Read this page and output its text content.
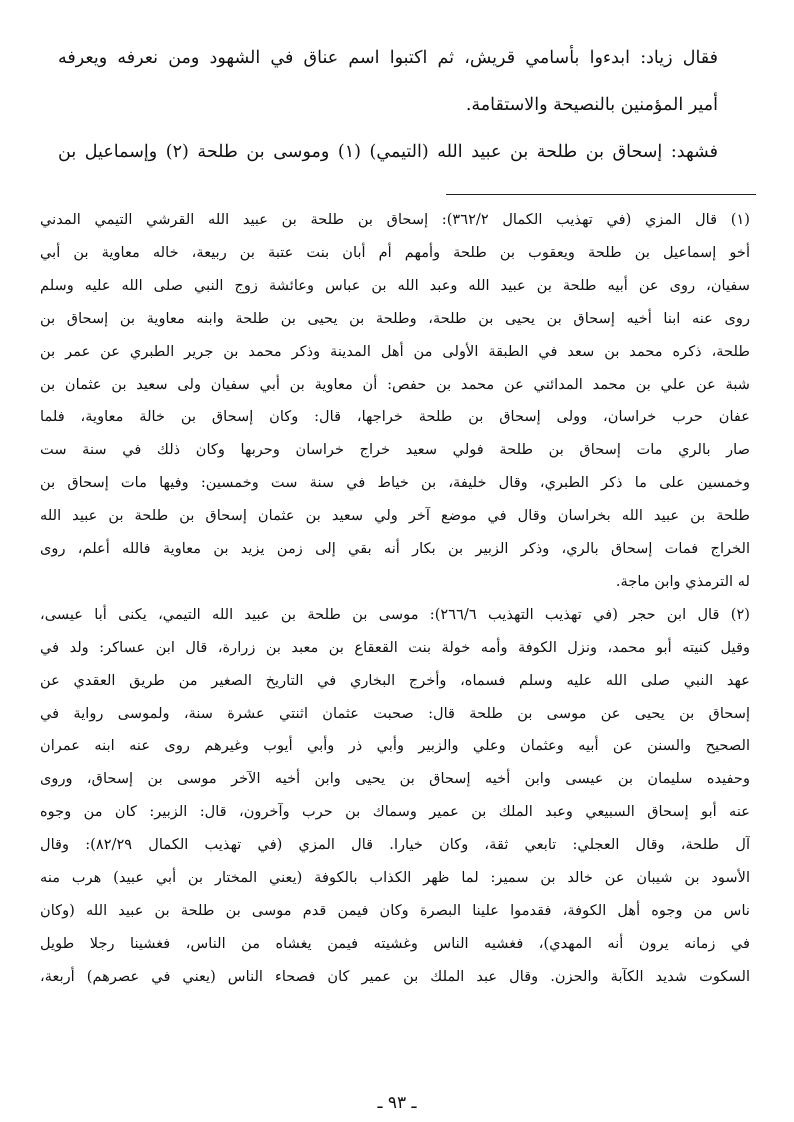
فقال زياد: ابدءوا بأسامي قريش، ثم اكتبوا اسم عناق في الشهود ومن نعرفه ويعرفه
أمير المؤمنين بالنصيحة والاستقامة.
فشهد: إسحاق بن طلحة بن عبيد الله (التيمي) (١) وموسى بن طلحة (٢) وإسماعيل بن
(١) قال المزي (في تهذيب الكمال ٣٦٢/٢): إسحاق بن طلحة بن عبيد الله القرشي التيمي المدني
أخو إسماعيل بن طلحة ويعقوب بن طلحة وأمهم أم أبان بنت عتبة بن ربيعة، خاله معاوية بن أبي
سفيان، روى عن أبيه طلحة بن عبيد الله وعبد الله بن عباس وعائشة زوج النبي صلى الله عليه وسلم
روى عنه ابنا أخيه إسحاق بن يحيى بن طلحة، وطلحة بن يحيى بن طلحة وابنه معاوية بن إسحاق بن
طلحة، ذكره محمد بن سعد في الطبقة الأولى من أهل المدينة وذكر محمد بن جرير الطبري عن عمر بن
شبة عن علي بن محمد المدائني عن محمد بن حفص: أن معاوية بن أبي سفيان ولى سعيد بن عثمان بن
عفان حرب خراسان، وولى إسحاق بن طلحة خراجها، قال: وكان إسحاق بن خالة معاوية، فلما
صار بالري مات إسحاق بن طلحة فولي سعيد خراج خراسان وحربها وكان ذلك في سنة ست
وخمسين على ما ذكر الطبري، وقال خليفة، بن خياط في سنة ست وخمسين: وفيها مات إسحاق بن
طلحة بن عبيد الله بخراسان وقال في موضع آخر ولي سعيد بن عثمان إسحاق بن طلحة بن عبيد الله
الخراج فمات إسحاق بالري، وذكر الزبير بن بكار أنه بقي إلى زمن يزيد بن معاوية فالله أعلم، روى
له الترمذي وابن ماجة.
(٢) قال ابن حجر (في تهذيب التهذيب ٢٦٦/٦): موسى بن طلحة بن عبيد الله التيمي، يكنى أبا عيسى،
وقيل كنيته أبو محمد، ونزل الكوفة وأمه خولة بنت القعقاع بن معبد بن زرارة، قال ابن عساكر: ولد في
عهد النبي صلى الله عليه وسلم فسماه، وأخرج البخاري في التاريخ الصغير من طريق العقدي عن
إسحاق بن يحيى عن موسى بن طلحة قال: صحبت عثمان اثنتي عشرة سنة، ولموسى رواية في
الصحيح والسنن عن أبيه وعثمان وعلي والزبير وأبي ذر وأبي أيوب وغيرهم روى عنه ابنه عمران
وحفيده سليمان بن عيسى وابن أخيه إسحاق بن يحيى وابن أخيه الآخر موسى بن إسحاق، وروى
عنه أبو إسحاق السبيعي وعبد الملك بن عمير وسماك بن حرب وآخرون، قال: الزبير: كان من وجوه
آل طلحة، وقال العجلي: تابعي ثقة، وكان خيارا. قال المزي (في تهذيب الكمال ٨٢/٢٩): وقال
الأسود بن شيبان عن خالد بن سمير: لما ظهر الكذاب بالكوفة (يعني المختار بن أبي عبيد) هرب منه
ناس من وجوه أهل الكوفة، فقدموا علينا البصرة وكان فيمن قدم موسى بن طلحة بن عبيد الله (وكان
في زمانه يرون أنه المهدي)، فغشيه الناس وغشيته فيمن يغشاه من الناس، فغشينا رجلا طويل
السكوت شديد الكآبة والحزن. وقال عبد الملك بن عمير كان فصحاء الناس (يعني في عصرهم) أربعة،
ـ ٩٣ ـ
